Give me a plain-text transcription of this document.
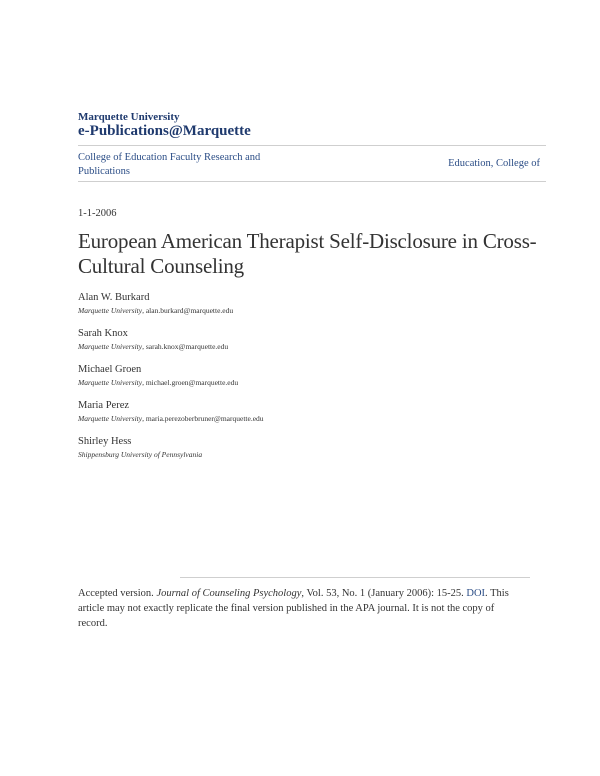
Marquette University
e-Publications@Marquette
College of Education Faculty Research and Publications
Education, College of
1-1-2006
European American Therapist Self-Disclosure in Cross-Cultural Counseling
Alan W. Burkard
Marquette University, alan.burkard@marquette.edu
Sarah Knox
Marquette University, sarah.knox@marquette.edu
Michael Groen
Marquette University, michael.groen@marquette.edu
Maria Perez
Marquette University, maria.perezoberbruner@marquette.edu
Shirley Hess
Shippensburg University of Pennsylvania
Accepted version. Journal of Counseling Psychology, Vol. 53, No. 1 (January 2006): 15-25. DOI. This article may not exactly replicate the final version published in the APA journal. It is not the copy of record.
